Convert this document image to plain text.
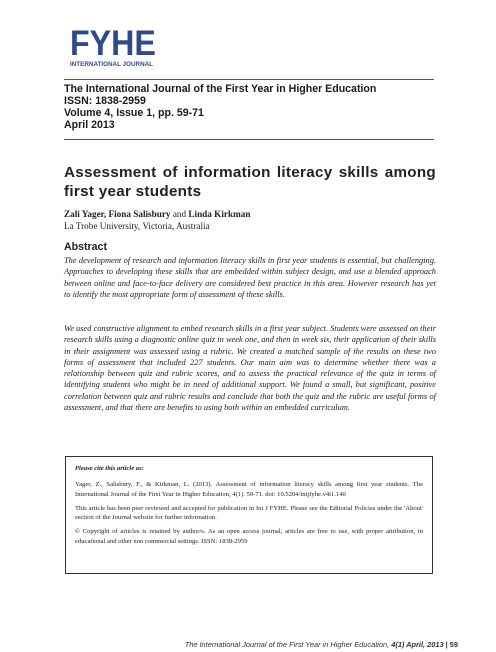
FYHE
INTERNATIONAL JOURNAL
The International Journal of the First Year in Higher Education
ISSN: 1838-2959
Volume 4, Issue 1, pp. 59-71
April 2013
Assessment of information literacy skills among first year students
Zali Yager, Fiona Salisbury and Linda Kirkman
La Trobe University, Victoria, Australia
Abstract
The development of research and information literacy skills in first year students is essential, but challenging. Approaches to developing these skills that are embedded within subject design, and use a blended approach between online and face-to-face delivery are considered best practice in this area. However research has yet to identify the most appropriate form of assessment of these skills.
We used constructive alignment to embed research skills in a first year subject. Students were assessed on their research skills using a diagnostic online quiz in week one, and then in week six, their application of their skills in their assignment was assessed using a rubric. We created a matched sample of the results on these two forms of assessment that included 227 students. Our main aim was to determine whether there was a relationship between quiz and rubric scores, and to assess the practical relevance of the quiz in terms of identifying students who might be in need of additional support. We found a small, but significant, positive correlation between quiz and rubric results and conclude that both the quiz and the rubric are useful forms of assessment, and that there are benefits to using both within an embedded curriculum.

Please cite this article as:

Yager, Z., Salisbury, F., & Kirkman, L. (2013). Assessment of information literacy skills among first year students. The International Journal of the First Year in Higher Education, 4(1). 59-71. doi: 10.5204/intjfyhe.v4i1.140

This article has been peer reviewed and accepted for publication in Int J FYHE. Please see the Editorial Policies under the 'About' section of the Journal website for further information.

© Copyright of articles is retained by author/s. As an open access journal, articles are free to use, with proper attribution, in educational and other non commercial settings. ISSN: 1838-2959

The International Journal of the First Year in Higher Education, 4(1) April, 2013 | 59
